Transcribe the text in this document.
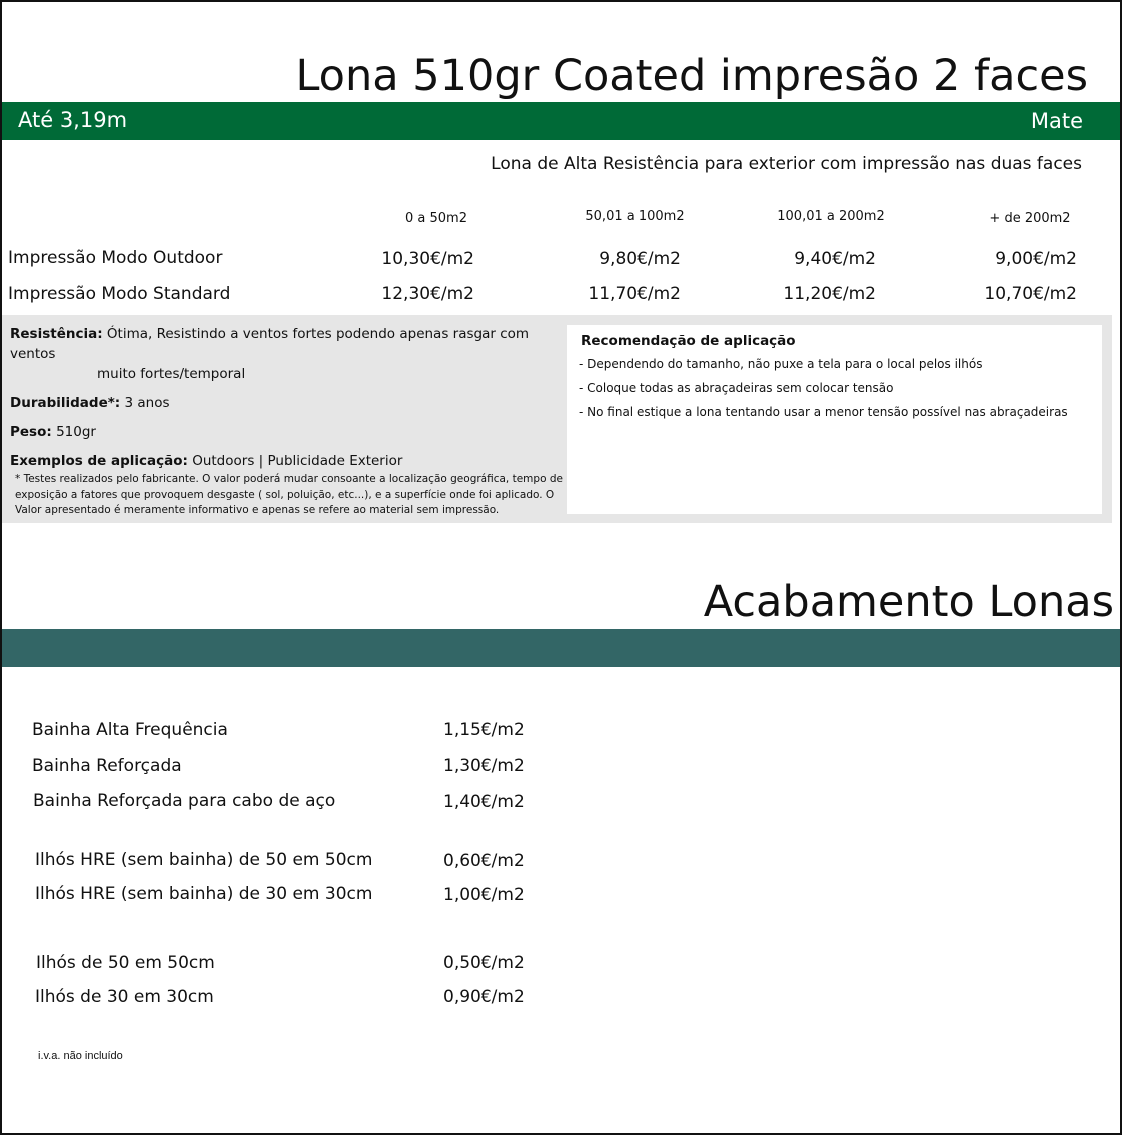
Lona 510gr Coated impresão 2 faces
Até 3,19m	Mate
Lona de Alta Resistência para exterior com impressão nas duas faces
0 a 50m2	50,01 a 100m2	100,01 a 200m2	+ de 200m2
Impressão Modo Outdoor	10,30€/m2	9,80€/m2	9,40€/m2	9,00€/m2
Impressão Modo Standard	12,30€/m2	11,70€/m2	11,20€/m2	10,70€/m2
Resistência: Ótima, Resistindo a ventos fortes podendo apenas rasgar com ventos
muito fortes/temporal
Durabilidade*: 3 anos
Peso: 510gr
Exemplos de aplicação: Outdoors | Publicidade Exterior
* Testes realizados pelo fabricante. O valor poderá mudar consoante a localização geográfica, tempo de exposição a fatores que provoquem desgaste ( sol, poluição, etc...), e a superfície onde foi aplicado. O Valor apresentado é meramente informativo e apenas se refere ao material sem impressão.
Recomendação de aplicação
- Dependendo do tamanho, não puxe a tela para o local pelos ilhós
- Coloque todas as abraçadeiras sem colocar tensão
- No final estique a lona tentando usar a menor tensão possível nas abraçadeiras
Acabamento Lonas
Bainha Alta Frequência	1,15€/m2
Bainha Reforçada	1,30€/m2
Bainha Reforçada para cabo de aço	1,40€/m2
Ilhós HRE (sem bainha) de 50 em 50cm	0,60€/m2
Ilhós HRE (sem bainha) de 30 em 30cm	1,00€/m2
Ilhós de 50 em 50cm	0,50€/m2
Ilhós de 30 em 30cm	0,90€/m2
i.v.a. não incluído
